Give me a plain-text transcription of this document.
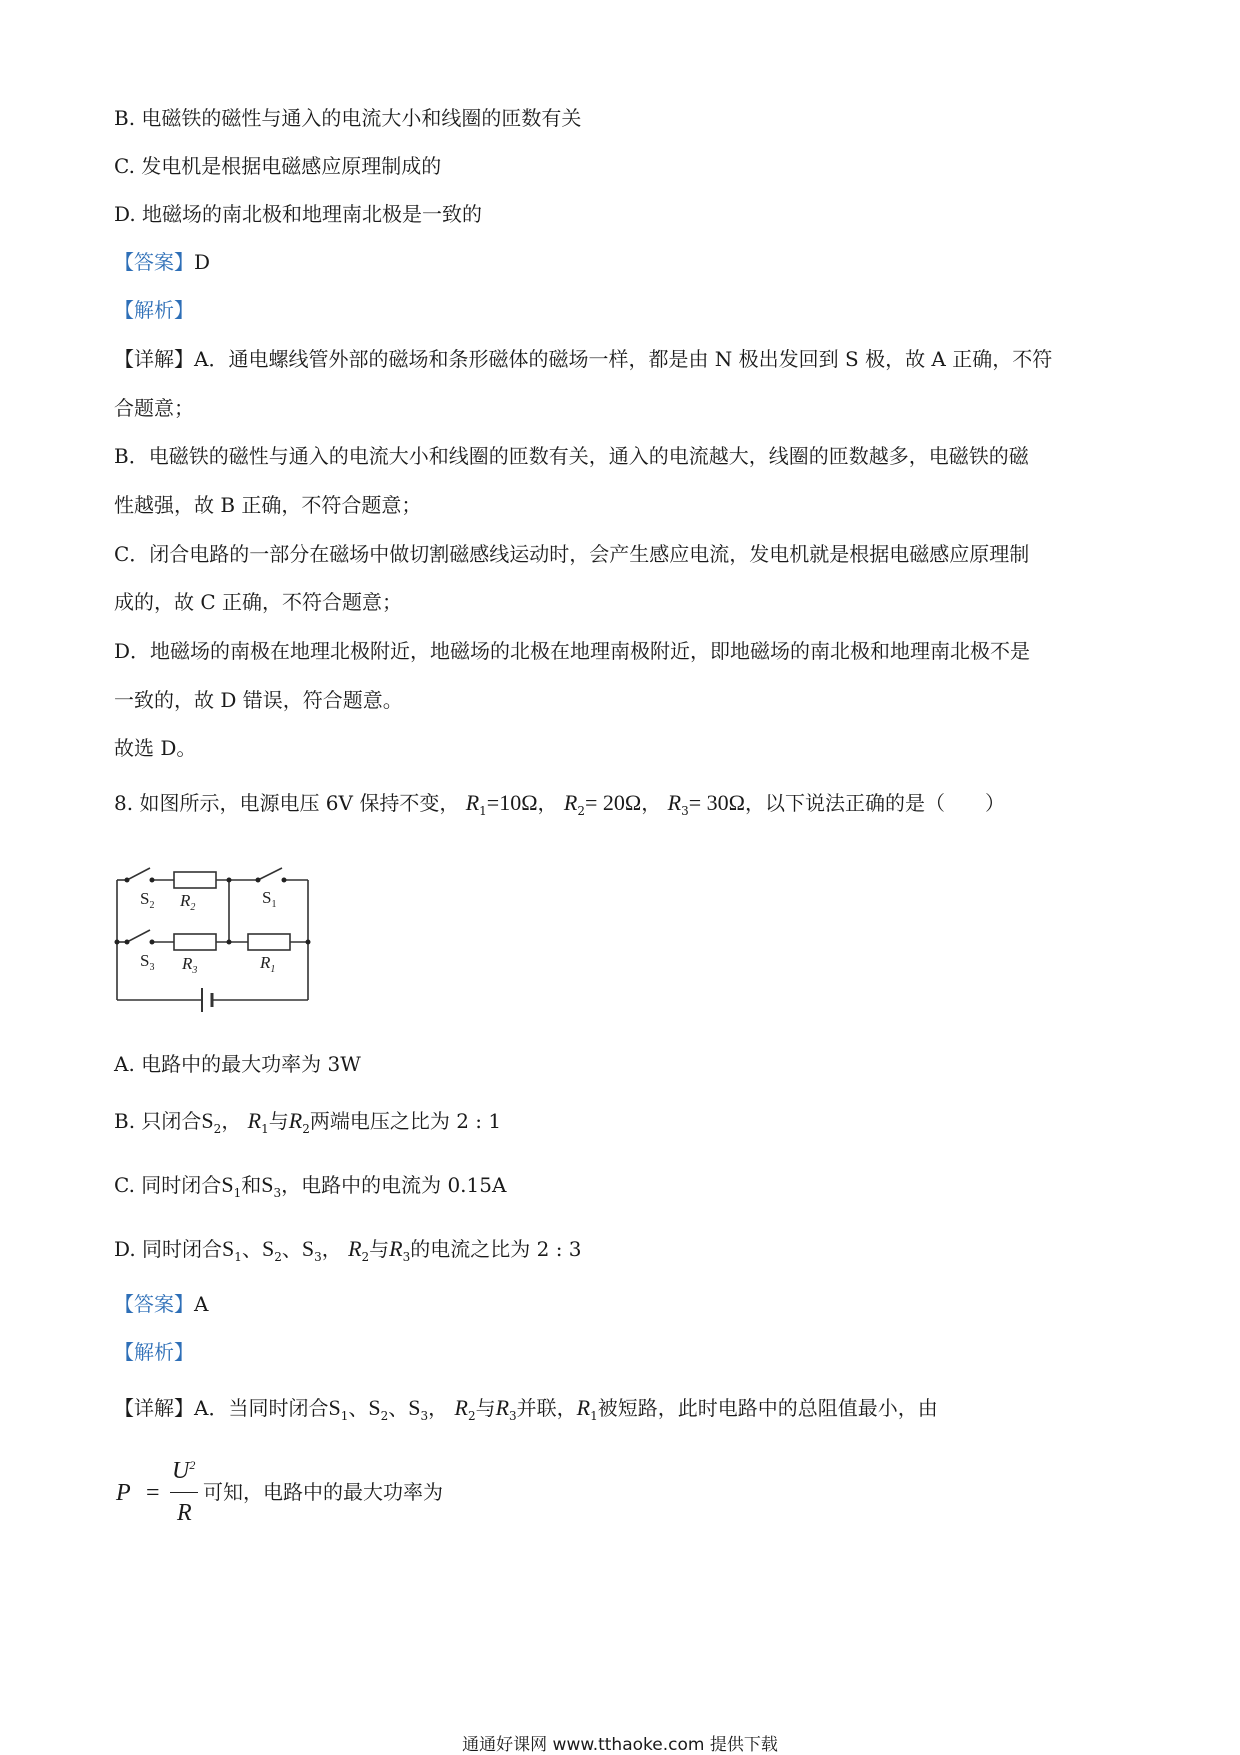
B. 电磁铁的磁性与通入的电流大小和线圈的匝数有关
C. 发电机是根据电磁感应原理制成的
D. 地磁场的南北极和地理南北极是一致的
【答案】D
【解析】
【详解】A．通电螺线管外部的磁场和条形磁体的磁场一样，都是由 N 极出发回到 S 极，故 A 正确，不符
合题意；
B．电磁铁的磁性与通入的电流大小和线圈的匝数有关，通入的电流越大，线圈的匝数越多，电磁铁的磁
性越强，故 B 正确，不符合题意；
C．闭合电路的一部分在磁场中做切割磁感线运动时，会产生感应电流，发电机就是根据电磁感应原理制
成的，故 C 正确，不符合题意；
D．地磁场的南极在地理北极附近，地磁场的北极在地理南极附近，即地磁场的南北极和地理南北极不是
一致的，故 D 错误，符合题意。
故选 D。
8. 如图所示，电源电压 6V 保持不变， $R_1=10\Omega$， $R_2= 20\Omega$， $R_3= 30\Omega$，以下说法正确的是（　　）
$S_2$ $R_2$
$S_1$
$S_3$ $R_3$	$R_1$
A. 电路中的最大功率为 3W
B. 只闭合$S_2$， $R_1$与$R_2$两端电压之比为 2 : 1
C. 同时闭合$S_1$和$S_3$，电路中的电流为 0.15A
D. 同时闭合$S_1$、$S_2$、$S_3$， $R_2$与$R_3$的电流之比为 2 : 3
【答案】A
【解析】
【详解】A．当同时闭合$S_1$、$S_2$、$S_3$， $R_2$与$R_3$并联，$R_1$被短路，此时电路中的总阻值最小，由
P =
$U^2$
R
可知，电路中的最大功率为
通通好课网 www.tthaoke.com 提供下载
